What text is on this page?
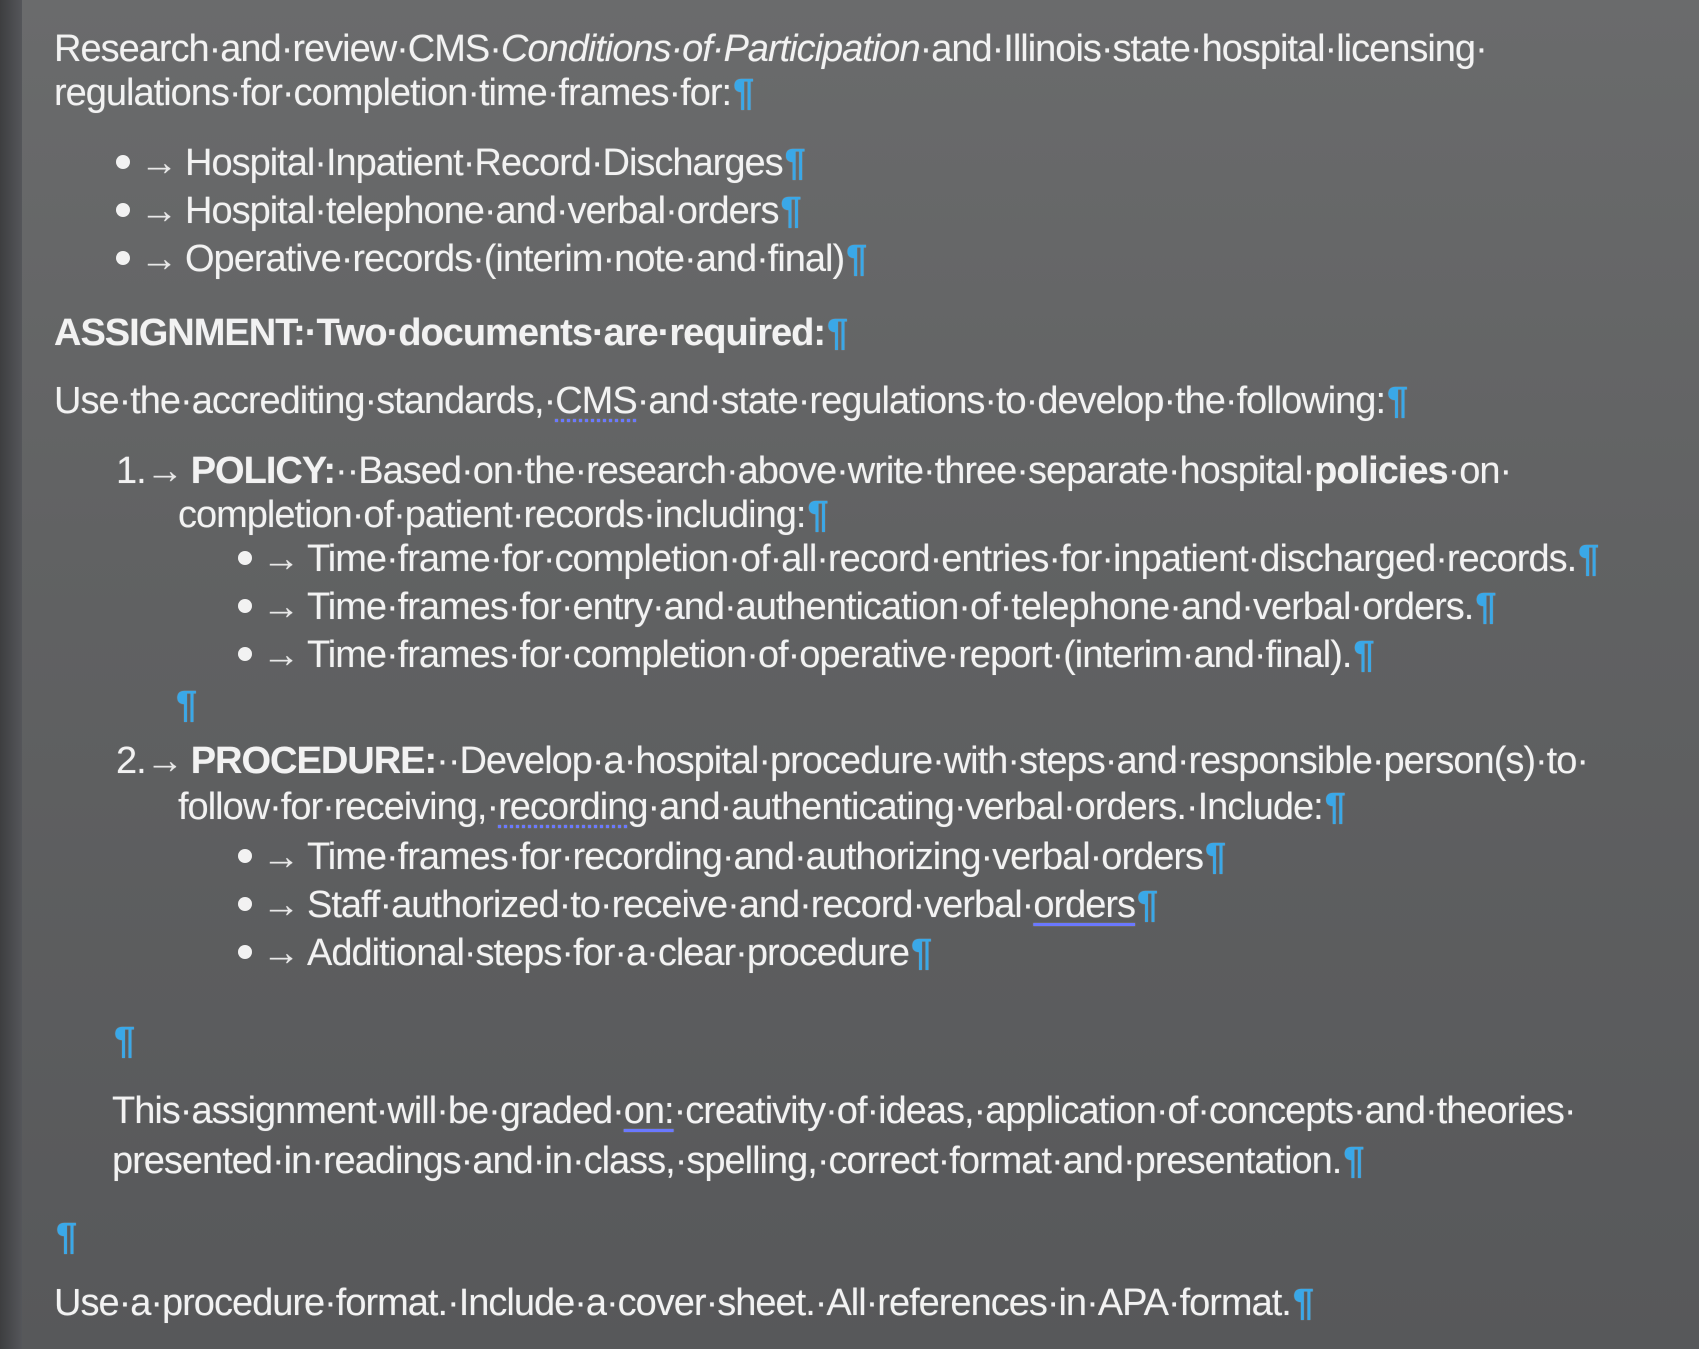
Research·and·review·CMS·Conditions·of·Participation·and·Illinois·state·hospital·licensing·
regulations·for·completion·time·frames·for:¶
→ Hospital·Inpatient·Record·Discharges¶
→ Hospital·telephone·and·verbal·orders¶
→ Operative·records·(interim·note·and·final)¶
ASSIGNMENT:·Two·documents·are·required:¶
Use·the·accrediting·standards,·CMS·and·state·regulations·to·develop·the·following:¶
1.→ POLICY:··Based·on·the·research·above·write·three·separate·hospital·policies·on·
completion·of·patient·records·including:¶
→ Time·frame·for·completion·of·all·record·entries·for·inpatient·discharged·records.¶
→ Time·frames·for·entry·and·authentication·of·telephone·and·verbal·orders.¶
→ Time·frames·for·completion·of·operative·report·(interim·and·final).¶
¶
2.→ PROCEDURE:··Develop·a·hospital·procedure·with·steps·and·responsible·person(s)·to·
follow·for·receiving,·recording·and·authenticating·verbal·orders.·Include:¶
→ Time·frames·for·recording·and·authorizing·verbal·orders¶
→ Staff·authorized·to·receive·and·record·verbal·orders¶
→ Additional·steps·for·a·clear·procedure¶
¶
This·assignment·will·be·graded·on:·creativity·of·ideas,·application·of·concepts·and·theories·
presented·in·readings·and·in·class,·spelling,·correct·format·and·presentation.¶
¶
Use·a·procedure·format.·Include·a·cover·sheet.·All·references·in·APA·format.¶
